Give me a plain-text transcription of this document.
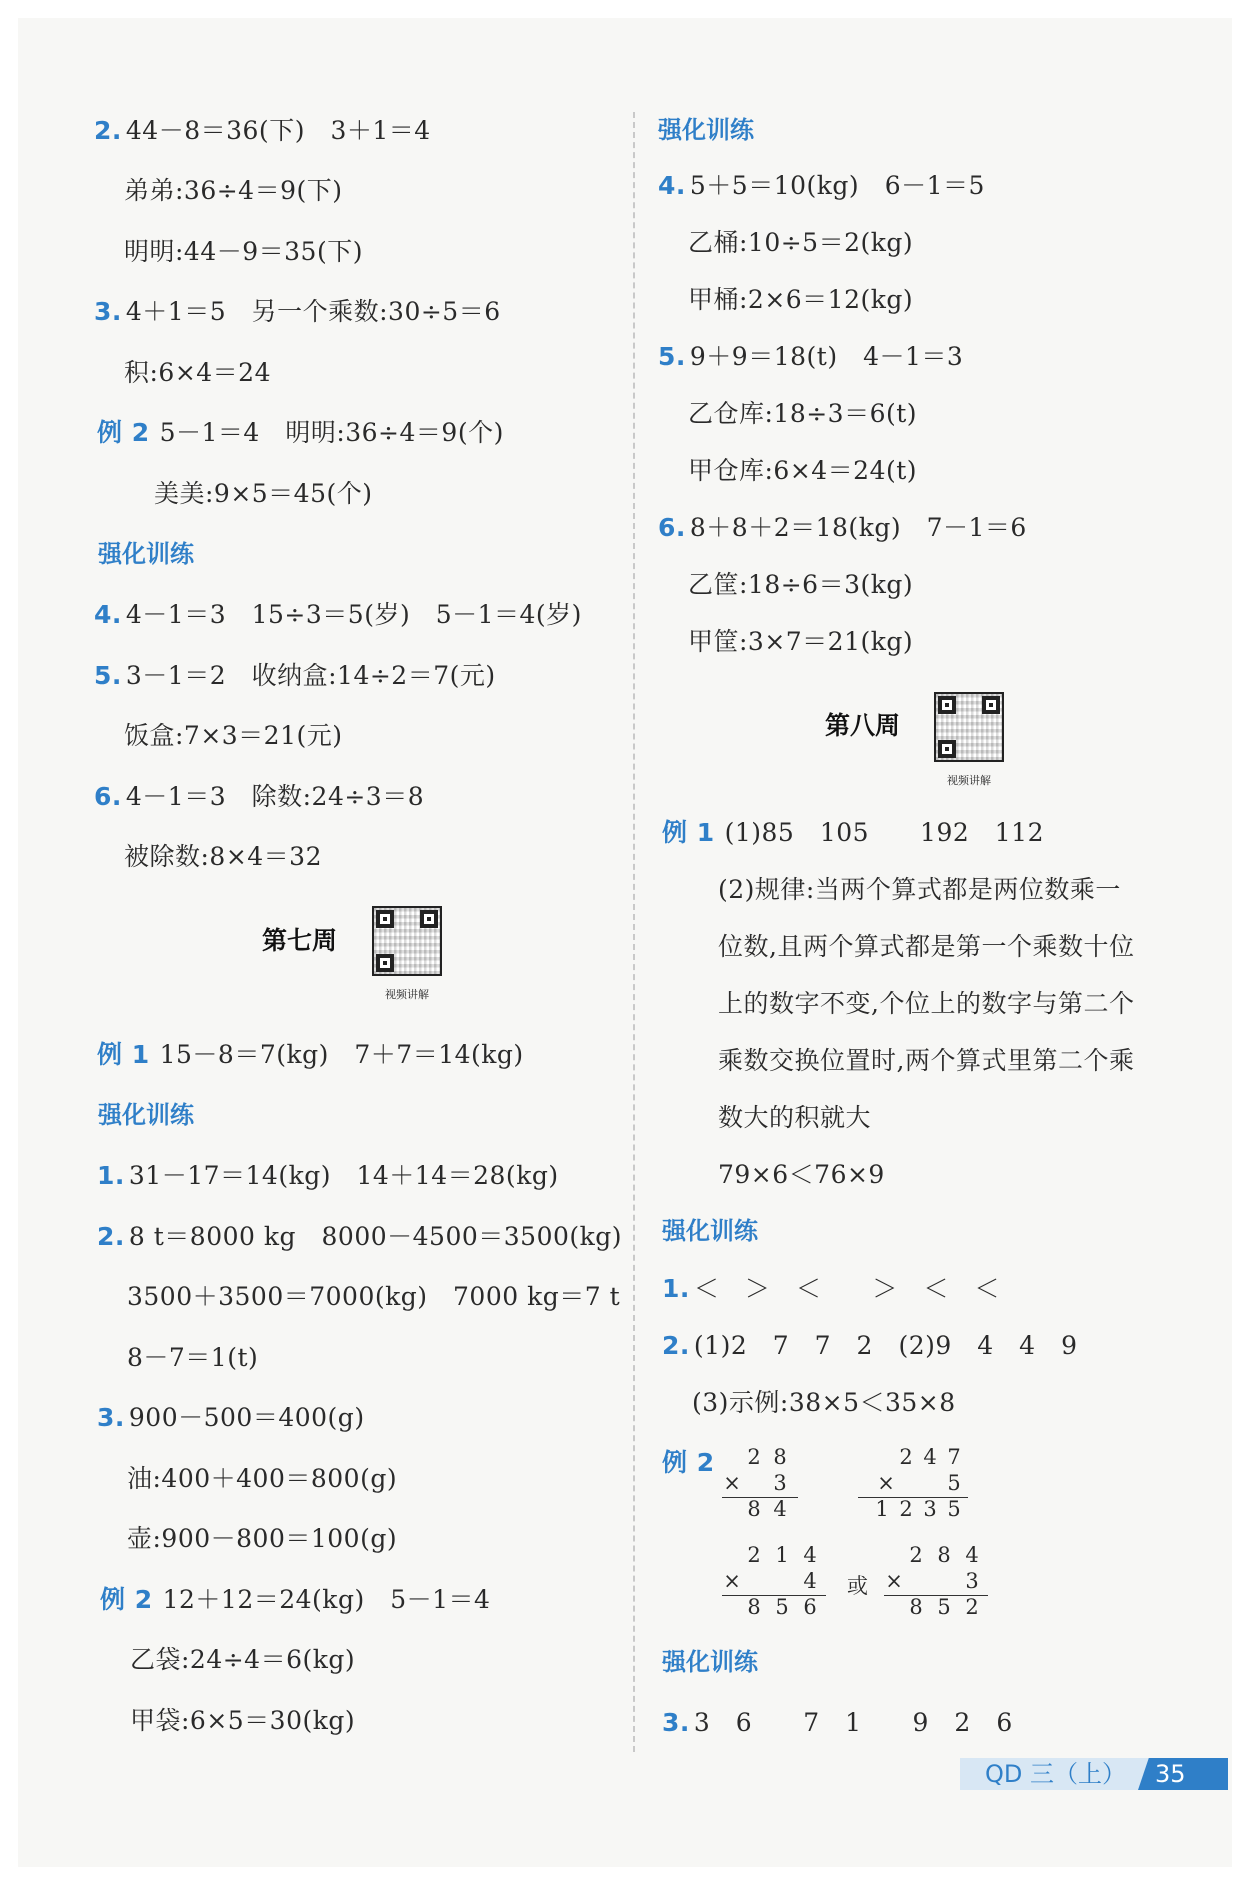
2. 44－8＝36(下)　3＋1＝4
弟弟:36÷4＝9(下)
明明:44－9＝35(下)
3. 4＋1＝5　另一个乘数:30÷5＝6
积:6×4＝24
例 2 5－1＝4　明明:36÷4＝9(个)
美美:9×5＝45(个)
强化训练
4. 4－1＝3　15÷3＝5(岁)　5－1＝4(岁)
5. 3－1＝2　收纳盒:14÷2＝7(元)
饭盒:7×3＝21(元)
6. 4－1＝3　除数:24÷3＝8
被除数:8×4＝32
第七周
视频讲解
例 1 15－8＝7(kg)　7＋7＝14(kg)
强化训练
1. 31－17＝14(kg)　14＋14＝28(kg)
2. 8 t＝8000 kg　8000－4500＝3500(kg)
3500＋3500＝7000(kg)　7000 kg＝7 t
8－7＝1(t)
3. 900－500＝400(g)
油:400＋400＝800(g)
壶:900－800＝100(g)
例 2 12＋12＝24(kg)　5－1＝4
乙袋:24÷4＝6(kg)
甲袋:6×5＝30(kg)
强化训练
4. 5＋5＝10(kg)　6－1＝5
乙桶:10÷5＝2(kg)
甲桶:2×6＝12(kg)
5. 9＋9＝18(t)　4－1＝3
乙仓库:18÷3＝6(t)
甲仓库:6×4＝24(t)
6. 8＋8＋2＝18(kg)　7－1＝6
乙筐:18÷6＝3(kg)
甲筐:3×7＝21(kg)
第八周
视频讲解
例 1 (1)85　105　　192　112
(2)规律:当两个算式都是两位数乘一
位数,且两个算式都是第一个乘数十位
上的数字不变,个位上的数字与第二个
乘数交换位置时,两个算式里第二个乘
数大的积就大
79×6＜76×9
强化训练
1. ＜　＞　＜　　＞　＜　＜
2. (1)2　7　7　2　(2)9　4　4　9
(3)示例:38×5＜35×8
例 2	2 8
× 3
8 4
2 4 7
×	5
1 2 3 5
2 1 4
×	4
8 5 6
或
2 8 4
×	3
8 5 2
强化训练
3. 3　6　　7　1　　9　2　6
QD 三（上） 35
